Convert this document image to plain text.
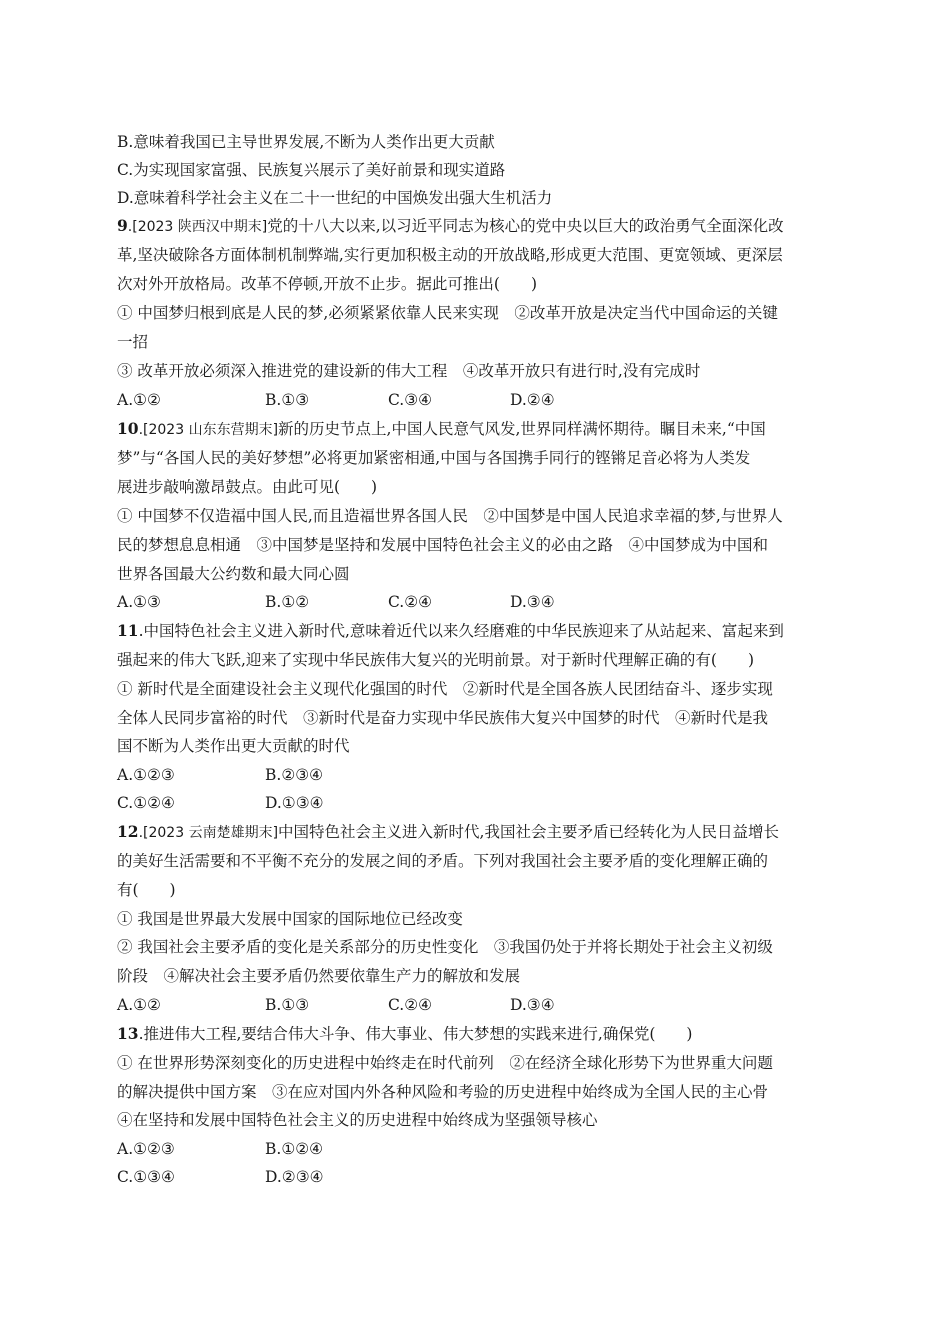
B.意味着我国已主导世界发展,不断为人类作出更大贡献
C.为实现国家富强、民族复兴展示了美好前景和现实道路
D.意味着科学社会主义在二十一世纪的中国焕发出强大生机活力
9.[2023 陕西汉中期末]党的十八大以来,以习近平同志为核心的党中央以巨大的政治勇气全面深化改
革,坚决破除各方面体制机制弊端,实行更加积极主动的开放战略,形成更大范围、更宽领域、更深层
次对外开放格局。改革不停顿,开放不止步。据此可推出(　　)
① 中国梦归根到底是人民的梦,必须紧紧依靠人民来实现　②改革开放是决定当代中国命运的关键
一招
③ 改革开放必须深入推进党的建设新的伟大工程　④改革开放只有进行时,没有完成时
A.①②	B.①③	C.③④	D.②④
10.[2023 山东东营期末]新的历史节点上,中国人民意气风发,世界同样满怀期待。瞩目未来,“中国
梦”与“各国人民的美好梦想”必将更加紧密相通,中国与各国携手同行的铿锵足音必将为人类发
展进步敲响激昂鼓点。由此可见(　　)
① 中国梦不仅造福中国人民,而且造福世界各国人民　②中国梦是中国人民追求幸福的梦,与世界人
民的梦想息息相通　③中国梦是坚持和发展中国特色社会主义的必由之路　④中国梦成为中国和
世界各国最大公约数和最大同心圆
A.①③	B.①②	C.②④	D.③④
11.中国特色社会主义进入新时代,意味着近代以来久经磨难的中华民族迎来了从站起来、富起来到
强起来的伟大飞跃,迎来了实现中华民族伟大复兴的光明前景。对于新时代理解正确的有(　　)
① 新时代是全面建设社会主义现代化强国的时代　②新时代是全国各族人民团结奋斗、逐步实现
全体人民同步富裕的时代　③新时代是奋力实现中华民族伟大复兴中国梦的时代　④新时代是我
国不断为人类作出更大贡献的时代
A.①②③	B.②③④
C.①②④	D.①③④
12.[2023 云南楚雄期末]中国特色社会主义进入新时代,我国社会主要矛盾已经转化为人民日益增长
的美好生活需要和不平衡不充分的发展之间的矛盾。下列对我国社会主要矛盾的变化理解正确的
有(　　)
① 我国是世界最大发展中国家的国际地位已经改变
② 我国社会主要矛盾的变化是关系部分的历史性变化　③我国仍处于并将长期处于社会主义初级
阶段　④解决社会主要矛盾仍然要依靠生产力的解放和发展
A.①②	B.①③	C.②④	D.③④
13.推进伟大工程,要结合伟大斗争、伟大事业、伟大梦想的实践来进行,确保党(　　)
① 在世界形势深刻变化的历史进程中始终走在时代前列　②在经济全球化形势下为世界重大问题
的解决提供中国方案　③在应对国内外各种风险和考验的历史进程中始终成为全国人民的主心骨
④在坚持和发展中国特色社会主义的历史进程中始终成为坚强领导核心
A.①②③	B.①②④
C.①③④	D.②③④
